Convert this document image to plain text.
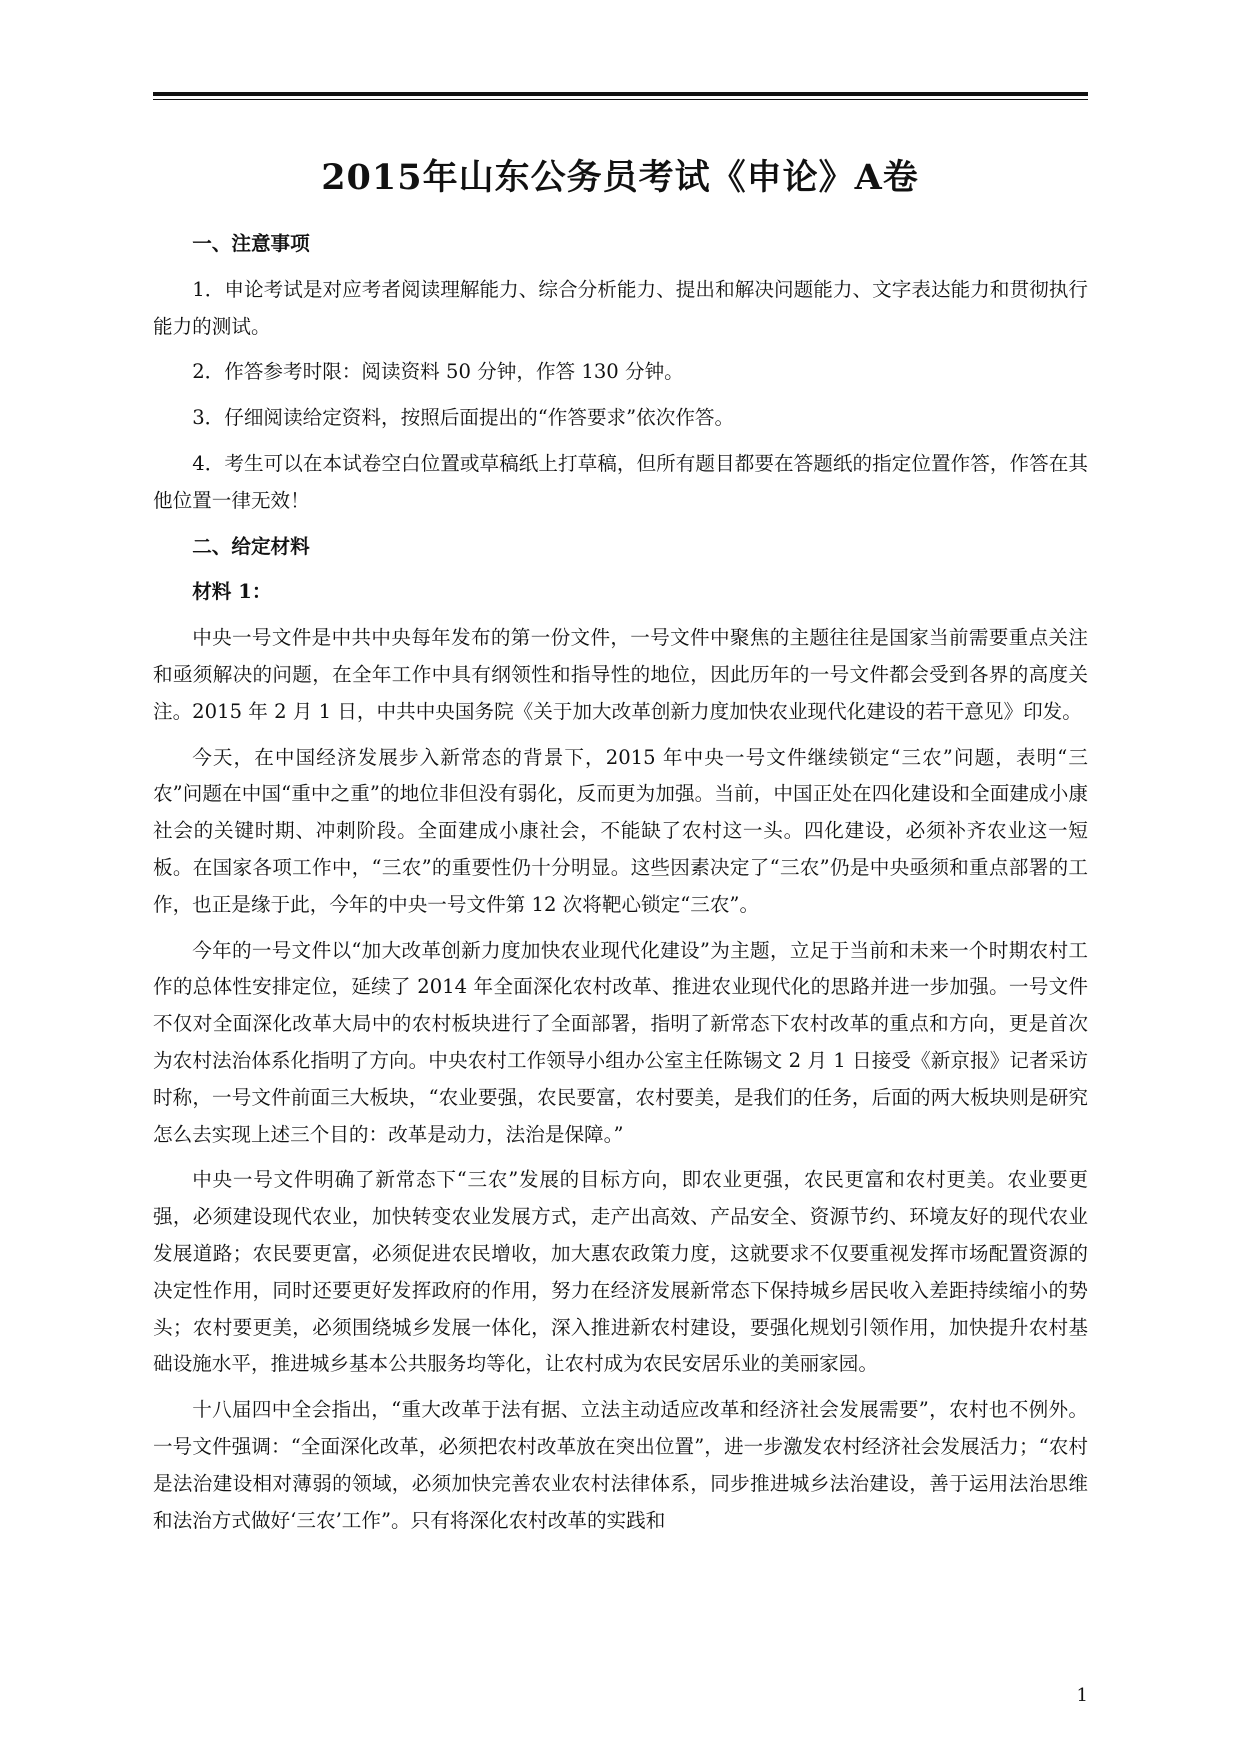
2015年山东公务员考试《申论》A卷
一、注意事项

1．申论考试是对应考者阅读理解能力、综合分析能力、提出和解决问题能力、文字表达能力和贯彻执行能力的测试。

2．作答参考时限：阅读资料 50 分钟，作答 130 分钟。

3．仔细阅读给定资料，按照后面提出的“作答要求”依次作答。

4．考生可以在本试卷空白位置或草稿纸上打草稿，但所有题目都要在答题纸的指定位置作答，作答在其他位置一律无效！

二、给定材料
材料 1：

中央一号文件是中共中央每年发布的第一份文件，一号文件中聚焦的主题往往是国家当前需要重点关注和亟须解决的问题，在全年工作中具有纲领性和指导性的地位，因此历年的一号文件都会受到各界的高度关注。2015 年 2 月 1 日，中共中央国务院《关于加大改革创新力度加快农业现代化建设的若干意见》印发。

今天，在中国经济发展步入新常态的背景下，2015 年中央一号文件继续锁定“三农”问题，表明“三农”问题在中国“重中之重”的地位非但没有弱化，反而更为加强。当前，中国正处在四化建设和全面建成小康社会的关键时期、冲刺阶段。全面建成小康社会，不能缺了农村这一头。四化建设，必须补齐农业这一短板。在国家各项工作中，“三农”的重要性仍十分明显。这些因素决定了“三农”仍是中央亟须和重点部署的工作，也正是缘于此，今年的中央一号文件第 12 次将靶心锁定“三农”。

今年的一号文件以“加大改革创新力度加快农业现代化建设”为主题，立足于当前和未来一个时期农村工作的总体性安排定位，延续了 2014 年全面深化农村改革、推进农业现代化的思路并进一步加强。一号文件不仅对全面深化改革大局中的农村板块进行了全面部署，指明了新常态下农村改革的重点和方向，更是首次为农村法治体系化指明了方向。中央农村工作领导小组办公室主任陈锡文 2 月 1 日接受《新京报》记者采访时称，一号文件前面三大板块，“农业要强，农民要富，农村要美，是我们的任务，后面的两大板块则是研究怎么去实现上述三个目的：改革是动力，法治是保障。”

中央一号文件明确了新常态下“三农”发展的目标方向，即农业更强，农民更富和农村更美。农业要更强，必须建设现代农业，加快转变农业发展方式，走产出高效、产品安全、资源节约、环境友好的现代农业发展道路；农民要更富，必须促进农民增收，加大惠农政策力度，这就要求不仅要重视发挥市场配置资源的决定性作用，同时还要更好发挥政府的作用，努力在经济发展新常态下保持城乡居民收入差距持续缩小的势头；农村要更美，必须围绕城乡发展一体化，深入推进新农村建设，要强化规划引领作用，加快提升农村基础设施水平，推进城乡基本公共服务均等化，让农村成为农民安居乐业的美丽家园。

十八届四中全会指出，“重大改革于法有据、立法主动适应改革和经济社会发展需要”，农村也不例外。一号文件强调：“全面深化改革，必须把农村改革放在突出位置”，进一步激发农村经济社会发展活力；“农村是法治建设相对薄弱的领域，必须加快完善农业农村法律体系，同步推进城乡法治建设，善于运用法治思维和法治方式做好‘三农’工作”。只有将深化农村改革的实践和

1
